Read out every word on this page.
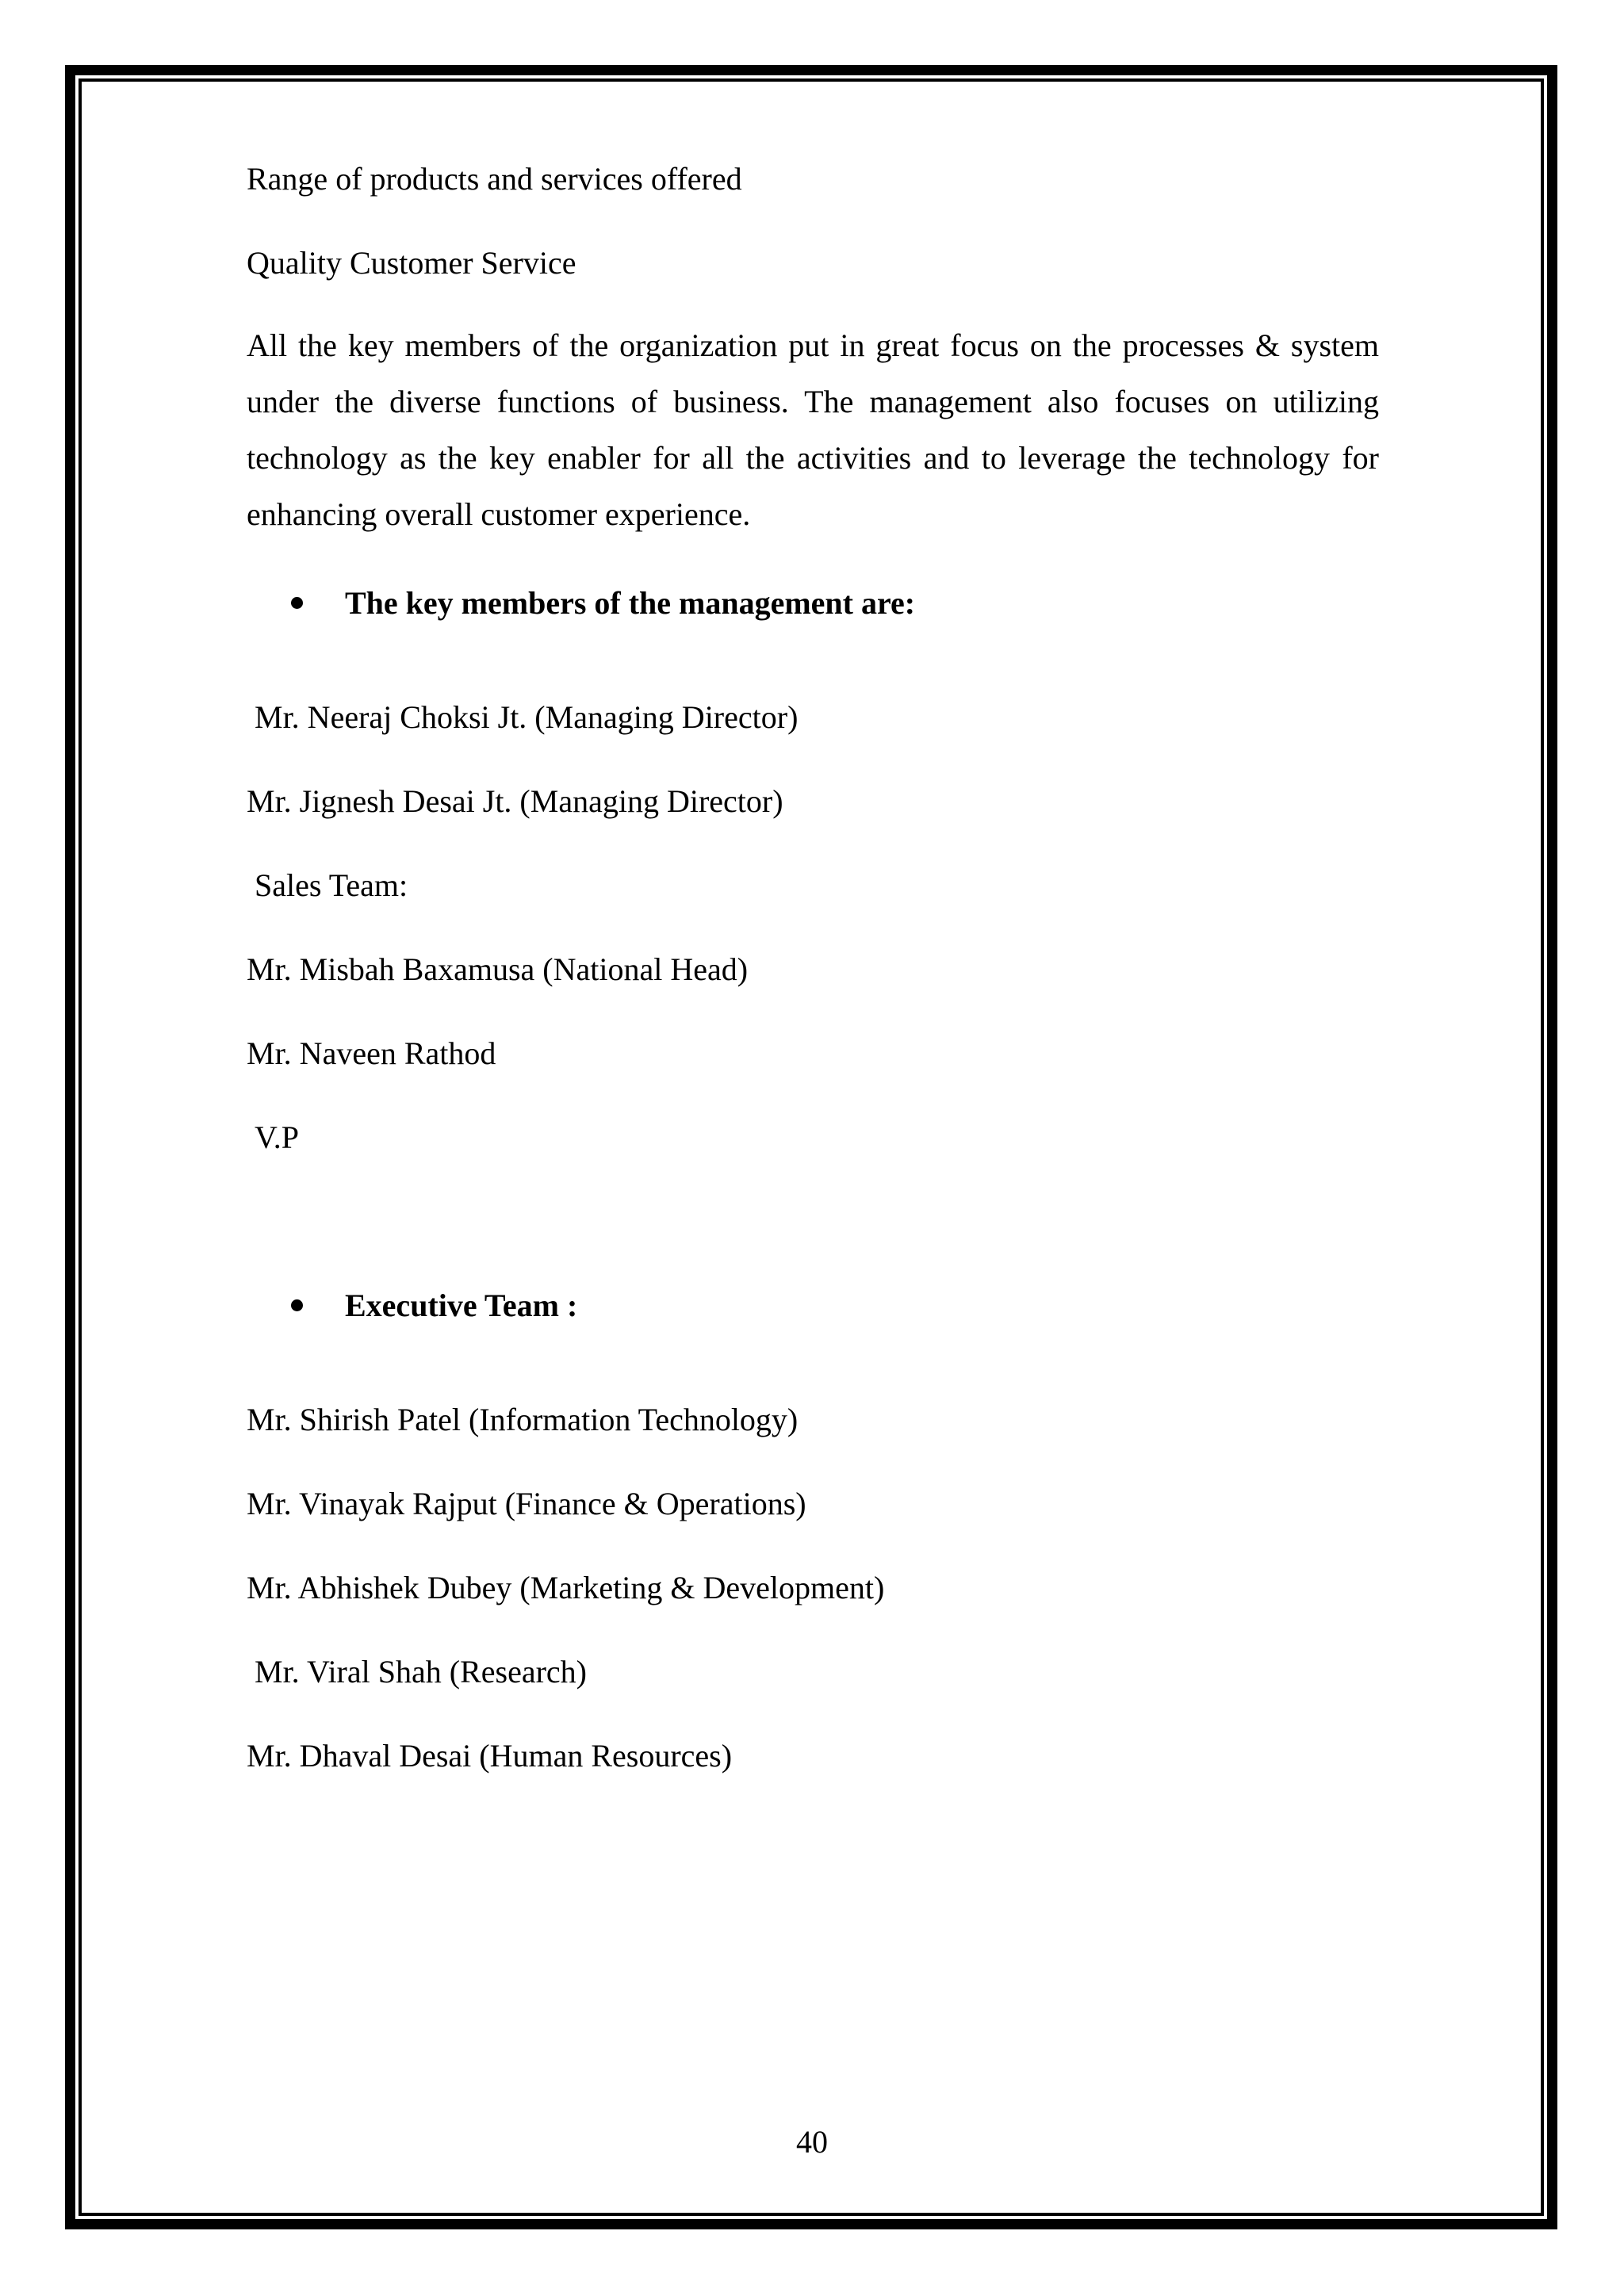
Range of products and services offered
Quality Customer Service
All the key members of the organization put in great focus on the processes & system
under the diverse functions of business. The management also focuses on utilizing
technology as the key enabler for all the activities and to leverage the technology for
enhancing overall customer experience.
The key members of the management are:
Mr. Neeraj Choksi Jt. (Managing Director)
Mr. Jignesh Desai Jt. (Managing Director)
Sales Team:
Mr. Misbah Baxamusa (National Head)
Mr. Naveen Rathod
V.P
Executive Team :
Mr. Shirish Patel (Information Technology)
Mr. Vinayak Rajput (Finance & Operations)
Mr. Abhishek Dubey (Marketing & Development)
Mr. Viral Shah (Research)
Mr. Dhaval Desai (Human Resources)
40
